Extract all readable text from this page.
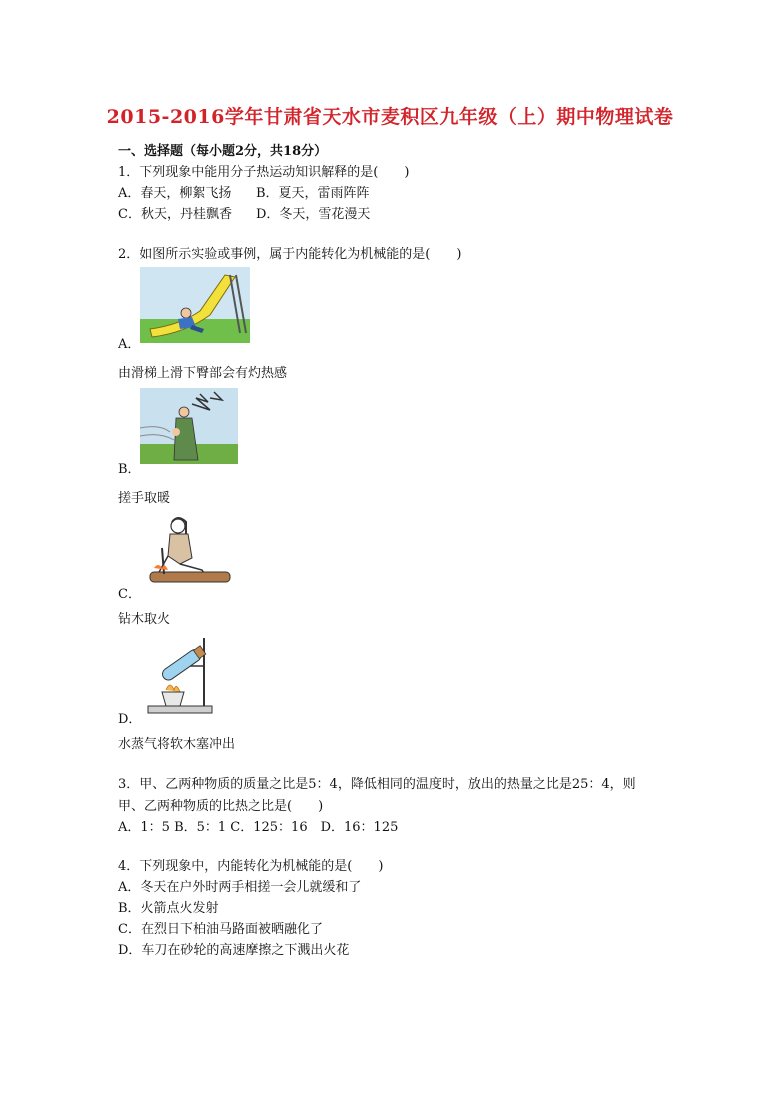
2015-2016学年甘肃省天水市麦积区九年级（上）期中物理试卷
一、选择题（每小题2分，共18分）
1．下列现象中能用分子热运动知识解释的是(　　)
A．春天，柳絮飞扬 B．夏天，雷雨阵阵
C．秋天，丹桂飘香 D．冬天，雪花漫天
2．如图所示实验或事例，属于内能转化为机械能的是(　　)
A．
由滑梯上滑下臀部会有灼热感
B．
搓手取暖
C．
钻木取火
D．
水蒸气将软木塞冲出
3．甲、乙两种物质的质量之比是5：4，降低相同的温度时，放出的热量之比是25：4，则
甲、乙两种物质的比热之比是(　　)
A．1：5 B．5：1 C．125：16　D．16：125
4．下列现象中，内能转化为机械能的是(　　)
A．冬天在户外时两手相搓一会儿就缓和了
B．火箭点火发射
C．在烈日下柏油马路面被晒融化了
D．车刀在砂轮的高速摩擦之下溅出火花
